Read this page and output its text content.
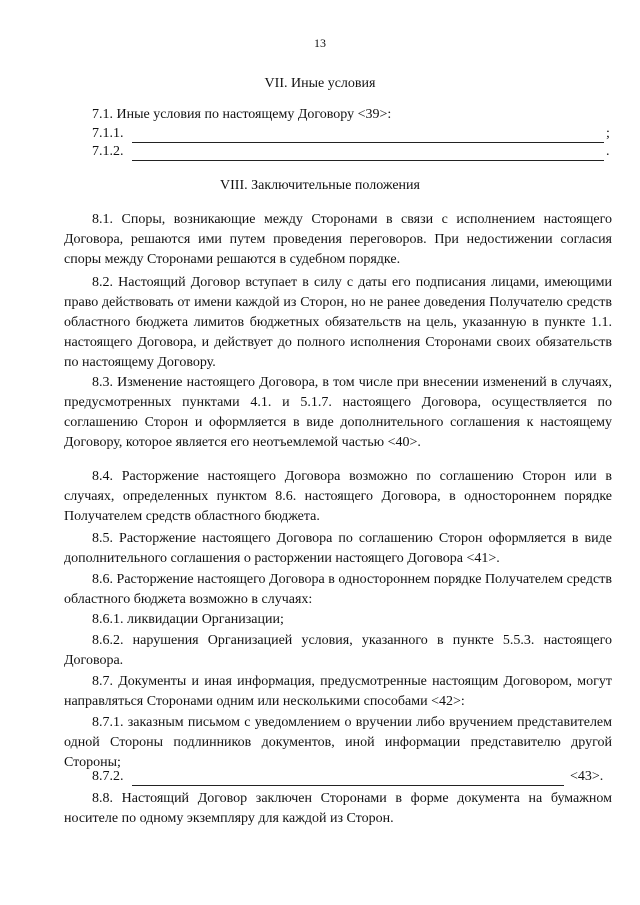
13
VII. Иные условия
7.1. Иные условия по настоящему Договору <39>:
7.1.1.	;
7.1.2.	.
VIII. Заключительные положения
8.1. Споры, возникающие между Сторонами в связи с исполнением настоящего Договора, решаются ими путем проведения переговоров. При недостижении согласия споры между Сторонами решаются в судебном порядке.
8.2. Настоящий Договор вступает в силу с даты его подписания лицами, имеющими право действовать от имени каждой из Сторон, но не ранее доведения Получателю средств областного бюджета лимитов бюджетных обязательств на цель, указанную в пункте 1.1. настоящего Договора, и действует до полного исполнения Сторонами своих обязательств по настоящему Договору.
8.3. Изменение настоящего Договора, в том числе при внесении изменений в случаях, предусмотренных пунктами 4.1. и 5.1.7. настоящего Договора, осуществляется по соглашению Сторон и оформляется в виде дополнительного соглашения к настоящему Договору, которое является его неотъемлемой частью <40>.
8.4. Расторжение настоящего Договора возможно по соглашению Сторон или в случаях, определенных пунктом 8.6. настоящего Договора, в одностороннем порядке Получателем средств областного бюджета.
8.5. Расторжение настоящего Договора по соглашению Сторон оформляется в виде дополнительного соглашения о расторжении настоящего Договора <41>.
8.6. Расторжение настоящего Договора в одностороннем порядке Получателем средств областного бюджета возможно в случаях:
8.6.1. ликвидации Организации;
8.6.2. нарушения Организацией условия, указанного в пункте 5.5.3. настоящего Договора.
8.7. Документы и иная информация, предусмотренные настоящим Договором, могут направляться Сторонами одним или несколькими способами <42>:
8.7.1. заказным письмом с уведомлением о вручении либо вручением представителем одной Стороны подлинников документов, иной информации представителю другой Стороны;
8.7.2.	<43>.
8.8. Настоящий Договор заключен Сторонами в форме документа на бумажном носителе по одному экземпляру для каждой из Сторон.
